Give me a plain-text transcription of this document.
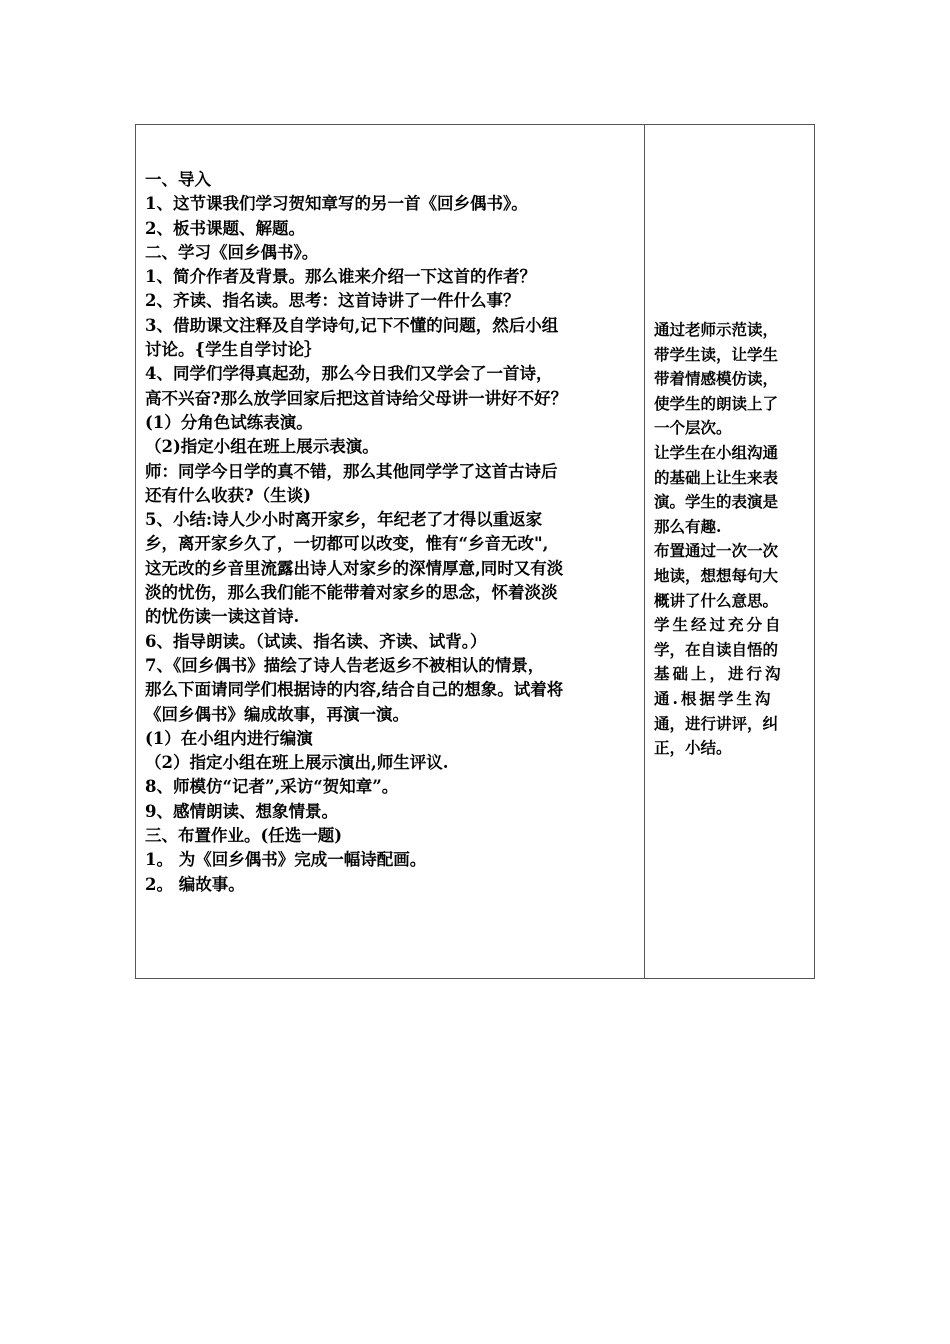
一、导入
1、这节课我们学习贺知章写的另一首《回乡偶书》。
2、板书课题、解题。
二、学习《回乡偶书》。
1、简介作者及背景。那么谁来介绍一下这首的作者？
2、齐读、指名读。思考：这首诗讲了一件什么事？
3、借助课文注释及自学诗句,记下不懂的问题，然后小组
讨论。{学生自学讨论｝
4、同学们学得真起劲，那么今日我们又学会了一首诗，
高不兴奋?那么放学回家后把这首诗给父母讲一讲好不好？
(1）分角色试练表演。
（2)指定小组在班上展示表演。
师：同学今日学的真不错，那么其他同学学了这首古诗后
还有什么收获?（生谈)
5、小结:诗人少小时离开家乡，年纪老了才得以重返家
乡，离开家乡久了，一切都可以改变，惟有“乡音无改",
这无改的乡音里流露出诗人对家乡的深情厚意,同时又有淡
淡的忧伤，那么我们能不能带着对家乡的思念，怀着淡淡
的忧伤读一读这首诗.
6、指导朗读。（试读、指名读、齐读、试背。）
7、《回乡偶书》描绘了诗人告老返乡不被相认的情景，
那么下面请同学们根据诗的内容,结合自己的想象。试着将
《回乡偶书》编成故事，再演一演。
(1）在小组内进行编演
（2）指定小组在班上展示演出,师生评议.
8、师模仿“记者”,采访“贺知章”。
9、感情朗读、想象情景。
三、布置作业。(任选一题)
1。 为《回乡偶书》完成一幅诗配画。
2。 编故事。
通过老师示范读，
带学生读，让学生
带着情感模仿读，
使学生的朗读上了
一个层次。
让学生在小组沟通
的基础上让生来表
演。学生的表演是
那么有趣.
布置通过一次一次
地读，想想每句大
概讲了什么意思。
学生经过充分自
学，在自读自悟的
基础上，进行沟
通.根据学生沟
通，进行讲评，纠
正，小结。
